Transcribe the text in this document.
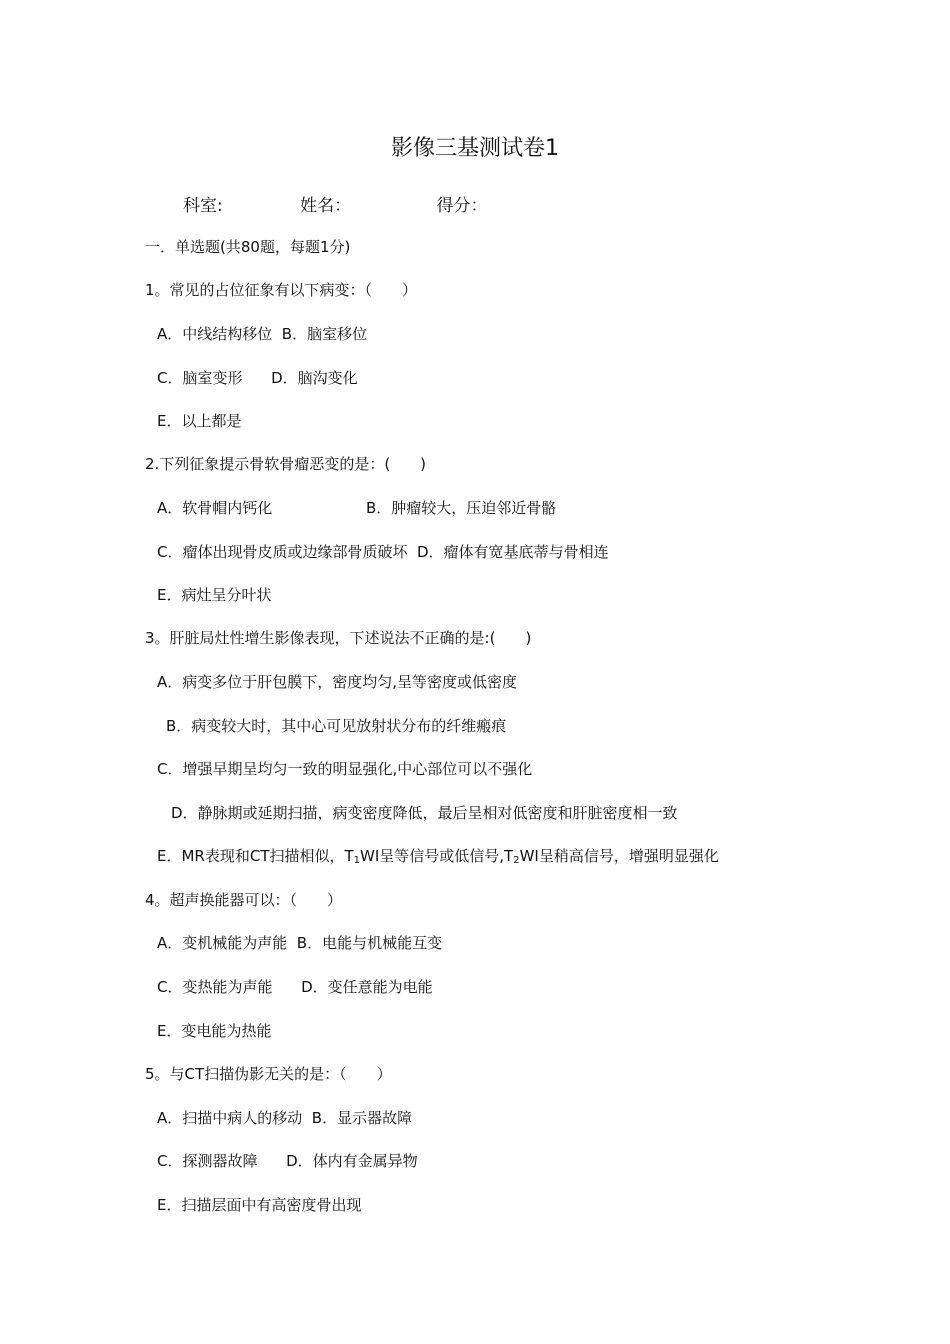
影像三基测试卷1
科室:	姓名：	得分：
一．单选题(共80题，每题1分)
1。常见的占位征象有以下病变：（　　）
A．中线结构移位  B．脑室移位
C．脑室变形      D．脑沟变化
E．以上都是
2.下列征象提示骨软骨瘤恶变的是：(　　)
A．软骨帽内钙化	B．肿瘤较大，压迫邻近骨骼
C．瘤体出现骨皮质或边缘部骨质破坏  D．瘤体有宽基底蒂与骨相连
E．病灶呈分叶状
3。肝脏局灶性增生影像表现，下述说法不正确的是:(　　)
A．病变多位于肝包膜下，密度均匀,呈等密度或低密度
B．病变较大时，其中心可见放射状分布的纤维瘢痕
C．增强早期呈均匀一致的明显强化,中心部位可以不强化
D．静脉期或延期扫描，病变密度降低，最后呈相对低密度和肝脏密度相一致
E．MR表现和CT扫描相似，$T_1WI$呈等信号或低信号$,T_2WI$呈稍高信号，增强明显强化
4。超声换能器可以：（　　）
A．变机械能为声能  B．电能与机械能互变
C．变热能为声能      D．变任意能为电能
E．变电能为热能
5。与CT扫描伪影无关的是：（　　）
A．扫描中病人的移动  B．显示器故障
C．探测器故障      D．体内有金属异物
E．扫描层面中有高密度骨出现
